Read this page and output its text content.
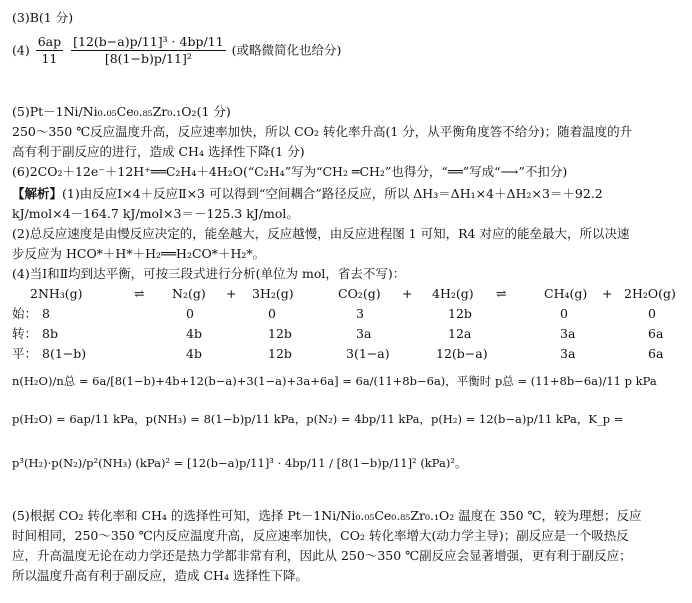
(3)B(1 分)
$(4) \frac{6ap}{11}$
$\frac{\text{[12(b−a)p/11]³ · 4bp/11}}{\text{[8(1−b)p/11]²}}$ (或略微简化也给分)
(5)Pt－1Ni/Ni₀.₀₅Ce₀.₈₅Zr₀.₁O₂(1 分)
250～350 ℃反应温度升高，反应速率加快，所以 CO₂ 转化率升高(1 分，从平衡角度答不给分)；随着温度的升
高有利于副反应的进行，造成 CH₄ 选择性下降(1 分)
(6)2CO₂＋12e⁻＋12H⁺══C₂H₄＋4H₂O(“C₂H₄”写为“CH₂ ═CH₂”也得分，“══”写成“⟶”不扣分)
【解析】(1)由反应Ⅰ×4＋反应Ⅱ×3 可以得到“空间耦合”路径反应，所以 ΔH₃＝ΔH₁×4＋ΔH₂×3＝＋92.2
kJ/mol×4－164.7 kJ/mol×3＝－125.3 kJ/mol。
(2)总反应速度是由慢反应决定的，能垒越大，反应越慢，由反应进程图 1 可知，R4 对应的能垒最大，所以决速
步反应为 HCO*＋H*＋H₂══H₂CO*＋H₂*。
(4)当Ⅰ和Ⅱ均到达平衡，可按三段式进行分析(单位为 mol，省去不写)：
2NH₃(g)	⇌ N₂(g) + 3H₂(g)	CO₂(g) + 4H₂(g) ⇌	CH₄(g) + 2H₂O(g)
始： 8	0	0	3	12b	0	0
转： 8b	4b	12b	3a	12a	3a	6a
平： 8(1−b)	4b	12b	3(1−a)	12(b−a)	3a	6a
n(H₂O)/n总 = 6a/[8(1−b)+4b+12(b−a)+3(1−a)+3a+6a] = 6a/(11+8b−6a)，平衡时 p总 = (11+8b−6a)/11 p kPa
p(H₂O) = 6ap/11 kPa，p(NH₃) = 8(1−b)p/11 kPa，p(N₂) = 4bp/11 kPa，p(H₂) = 12(b−a)p/11 kPa，K_p =
p³(H₂)·p(N₂)/p²(NH₃) (kPa)² = [12(b−a)p/11]³ · 4bp/11 / [8(1−b)p/11]² (kPa)²。
(5)根据 CO₂ 转化率和 CH₄ 的选择性可知，选择 Pt－1Ni/Ni₀.₀₅Ce₀.₈₅Zr₀.₁O₂ 温度在 350 ℃，较为理想；反应
时间相同，250～350 ℃内反应温度升高，反应速率加快，CO₂ 转化率增大(动力学主导)；副反应是一个吸热反
应，升高温度无论在动力学还是热力学都非常有利，因此从 250～350 ℃副反应会显著增强，更有利于副反应；
所以温度升高有利于副反应，造成 CH₄ 选择性下降。
